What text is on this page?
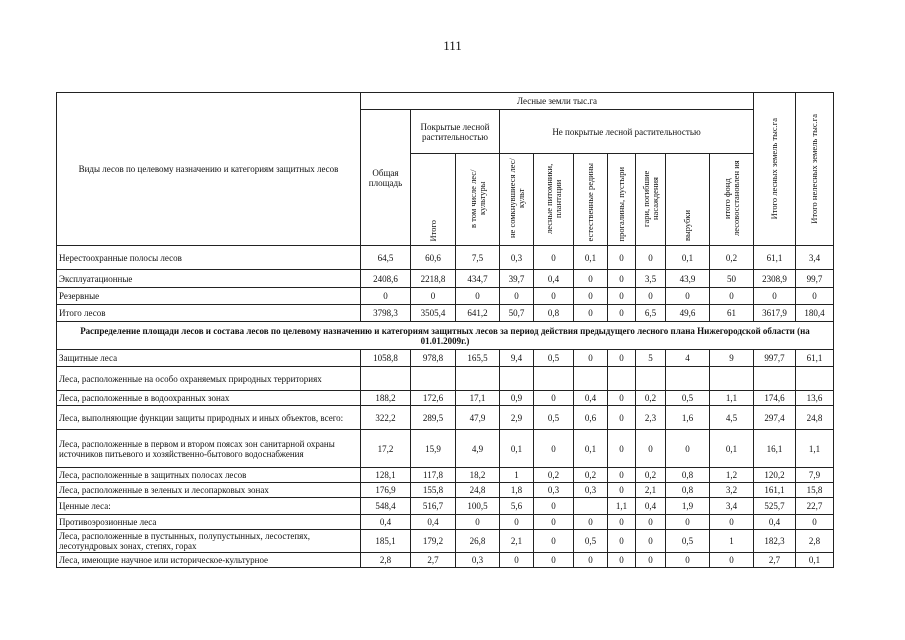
111
Виды лесов по целевому назначению и категориям защитных лесов	Лесные земли тыс.га										Итого лесных земель тыс.га	Итого нелесных земель тыс.га

	Общая площадь	Покрытые лесной растительностью		Не покрытые лесной растительностью								

		Итого	в том числе лес/культуры	не сомкнувшиеся лес/культ	лесные питомники, плантации	естественные редины	прогалины, пустыри	гари, погибшие насаждения	вырубки	итого фонд лесовосстановлен ия		

Нерестоохранные полосы лесов	64,5	60,6	7,5	0,3	0	0,1	0	0	0,1	0,2	61,1	3,4
Эксплуатационные	2408,6	2218,8	434,7	39,7	0,4	0	0	3,5	43,9	50	2308,9	99,7
Резервные	0	0	0	0	0	0	0	0	0	0	0	0
Итого лесов	3798,3	3505,4	641,2	50,7	0,8	0	0	6,5	49,6	61	3617,9	180,4
Распределение площади лесов и состава лесов по целевому назначению и категориям защитных лесов за период действия предыдущего лесного плана Нижегородской области (на 01.01.2009г.)												
Защитные леса	1058,8	978,8	165,5	9,4	0,5	0	0	5	4	9	997,7	61,1
Леса, расположенные на особо охраняемых природных территориях												
Леса, расположенные в водоохранных зонах	188,2	172,6	17,1	0,9	0	0,4	0	0,2	0,5	1,1	174,6	13,6
Леса, выполняющие функции защиты природных и иных объектов, всего:	322,2	289,5	47,9	2,9	0,5	0,6	0	2,3	1,6	4,5	297,4	24,8
Леса, расположенные в первом и втором поясах зон санитарной охраны источников питьевого и хозяйственно-бытового водоснабжения	17,2	15,9	4,9	0,1	0	0,1	0	0	0	0,1	16,1	1,1
Леса, расположенные в защитных полосах лесов	128,1	117,8	18,2	1	0,2	0,2	0	0,2	0,8	1,2	120,2	7,9
Леса, расположенные в зеленых и лесопарковых зонах	176,9	155,8	24,8	1,8	0,3	0,3	0	2,1	0,8	3,2	161,1	15,8
Ценные леса:	548,4	516,7	100,5	5,6	0		1,1	0,4	1,9	3,4	525,7	22,7
Противоэрозионные леса	0,4	0,4	0	0	0	0	0	0	0	0	0,4	0
Леса, расположенные в пустынных, полупустынных, лесостепях, лесотундровых зонах, степях, горах	185,1	179,2	26,8	2,1	0	0,5	0	0	0,5	1	182,3	2,8
Леса, имеющие научное или историческое-культурное	2,8	2,7	0,3	0	0	0	0	0	0	0	2,7	0,1
